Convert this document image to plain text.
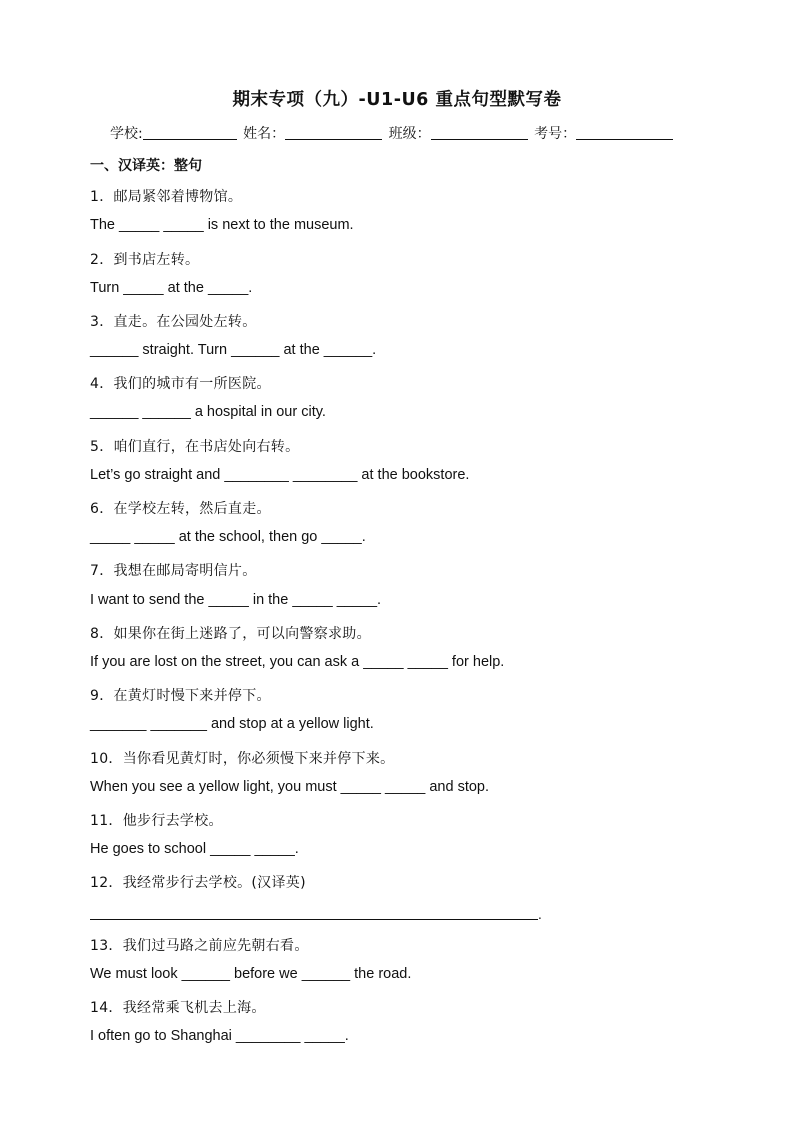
期末专项（九）-U1-U6 重点句型默写卷
学校:	姓名：	班级：	考号：
一、汉译英：整句
1．邮局紧邻着博物馆。
The _____ _____ is next to the museum.
2．到书店左转。
Turn _____ at the _____.
3．直走。在公园处左转。
______ straight. Turn ______ at the ______.
4．我们的城市有一所医院。
______ ______ a hospital in our city.
5．咱们直行，在书店处向右转。
Let’s go straight and ________ ________ at the bookstore.
6．在学校左转，然后直走。
_____ _____ at the school, then go _____.
7．我想在邮局寄明信片。
I want to send the _____ in the _____ _____.
8．如果你在街上迷路了，可以向警察求助。
If you are lost on the street, you can ask a _____ _____ for help.
9．在黄灯时慢下来并停下。
_______ _______ and stop at a yellow light.
10．当你看见黄灯时，你必须慢下来并停下来。
When you see a yellow light, you must _____ _____ and stop.
11．他步行去学校。
He goes to school _____ _____.
12．我经常步行去学校。(汉译英)
.
13．我们过马路之前应先朝右看。
We must look ______ before we ______ the road.
14．我经常乘飞机去上海。
I often go to Shanghai ________ _____.
